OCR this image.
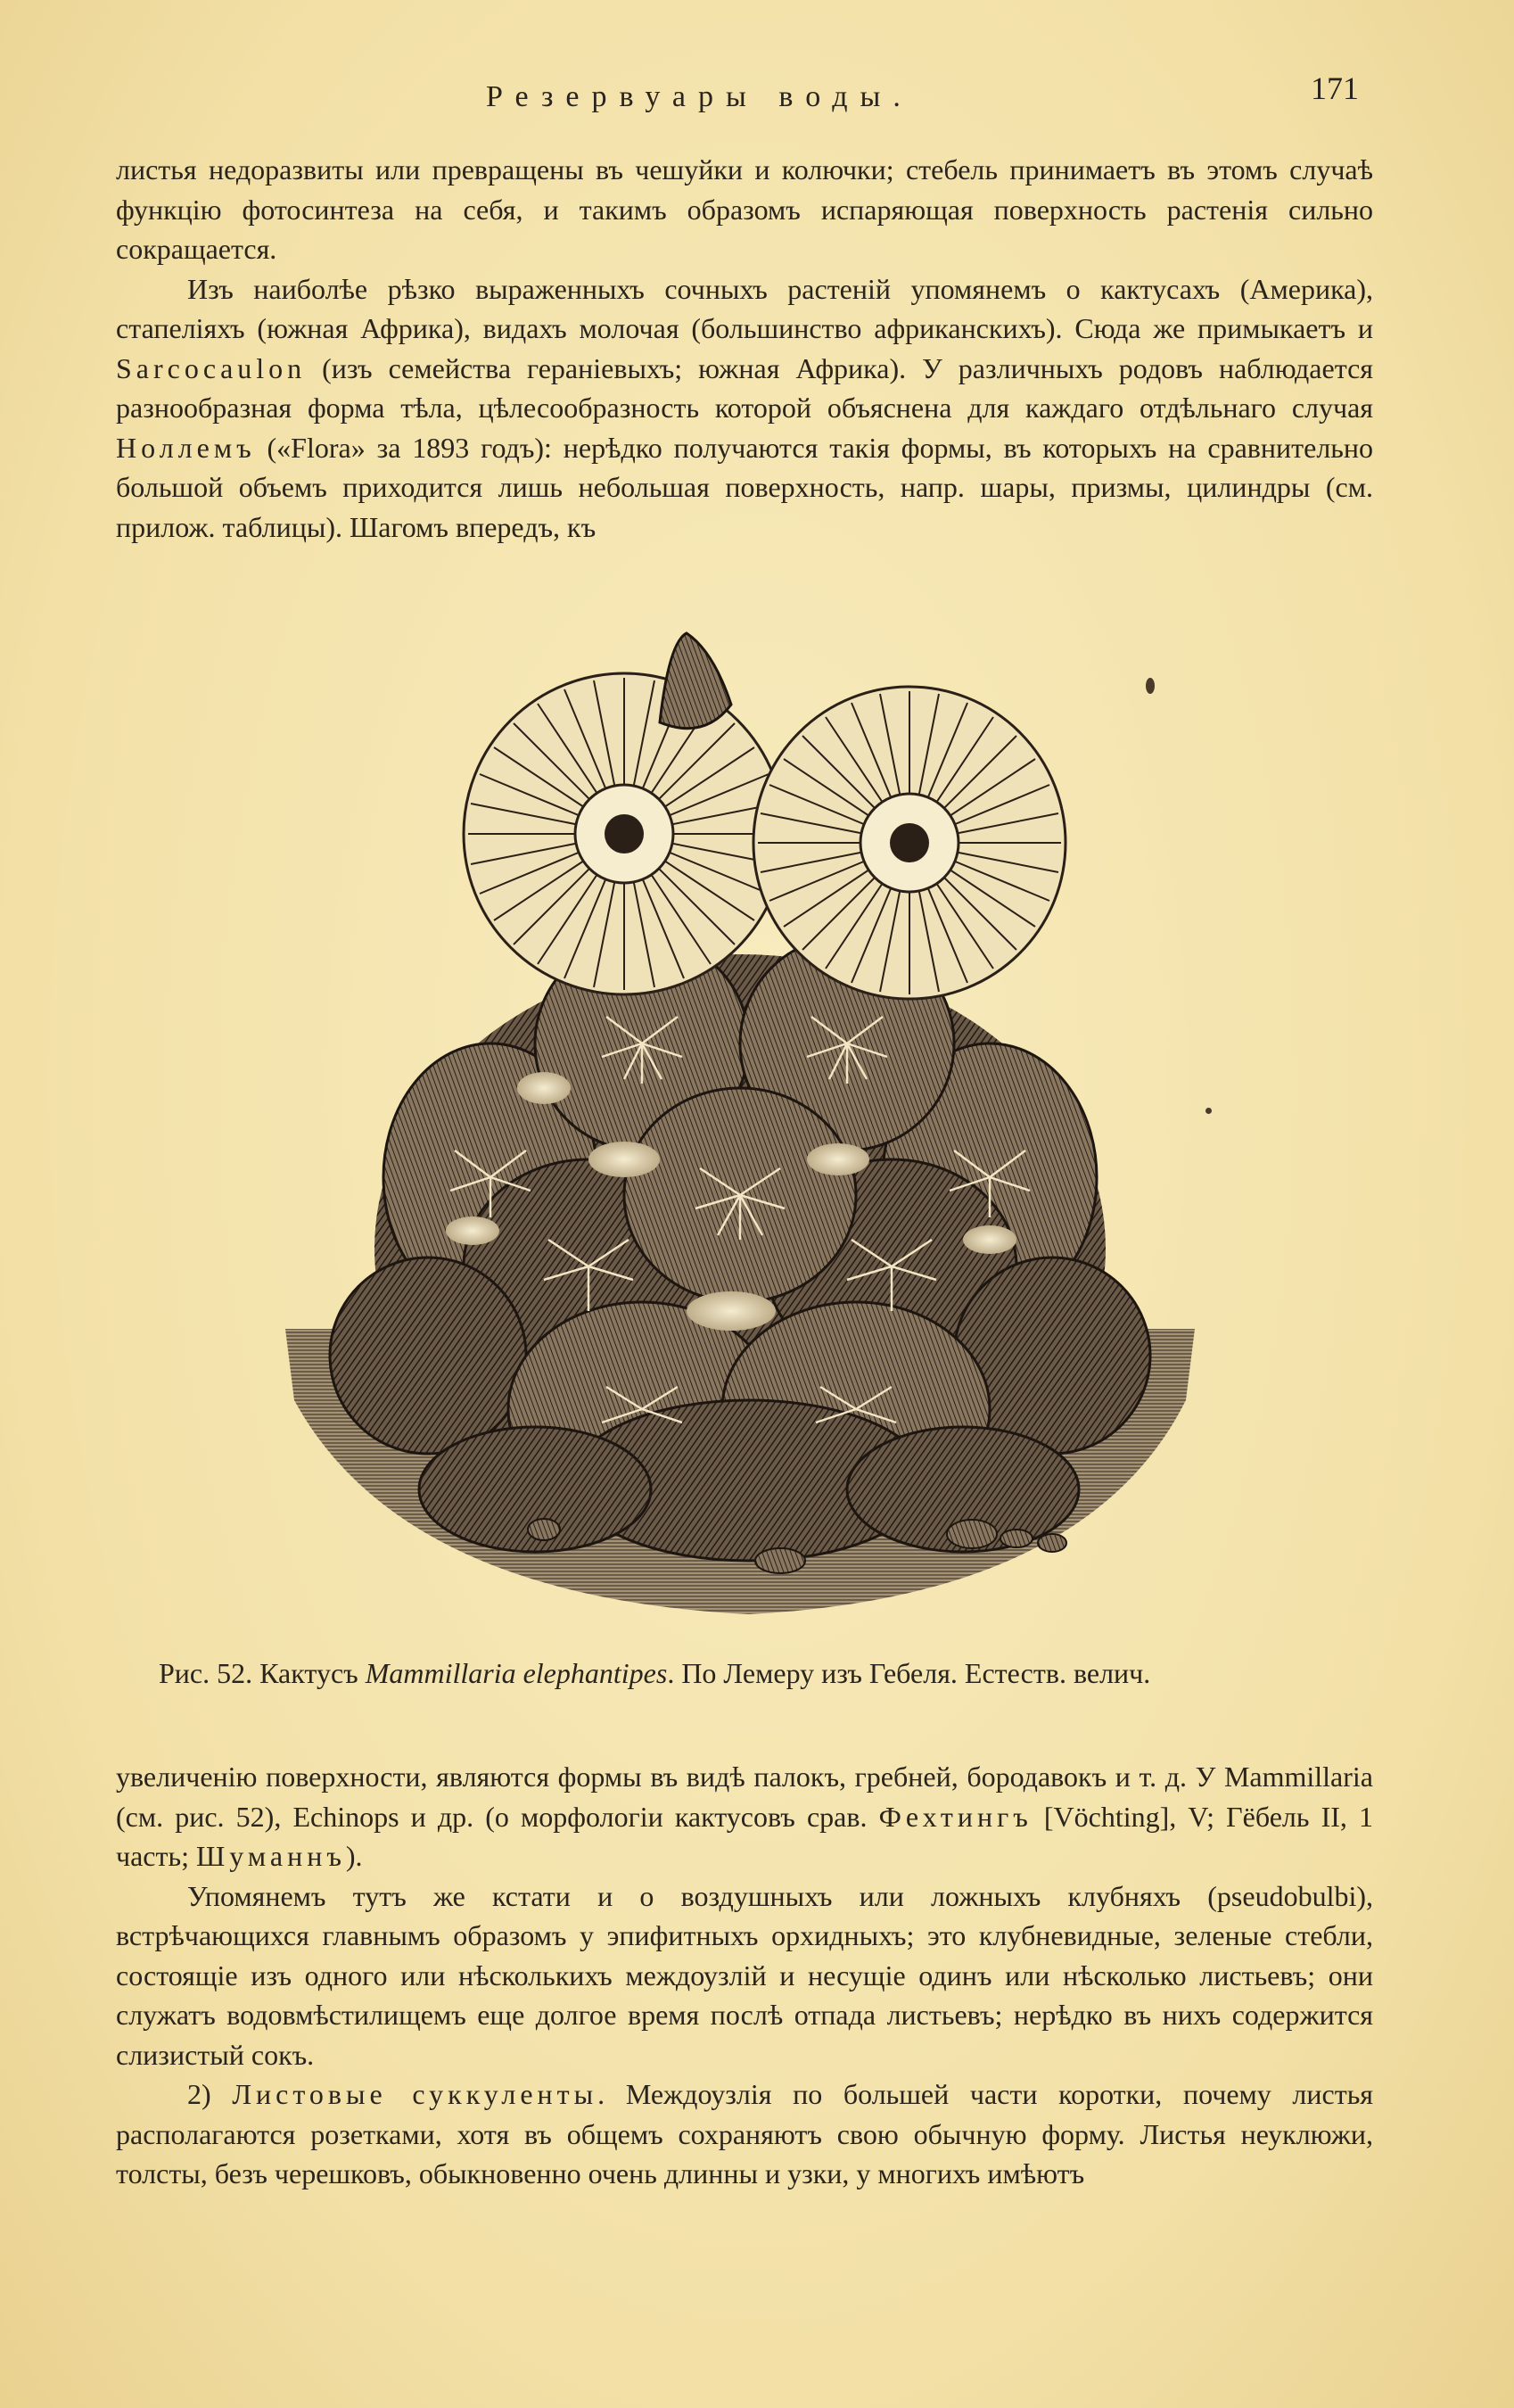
Резервуары воды.	171

листья недоразвиты или превращены въ чешуйки и колючки; стебель принимаетъ въ этомъ случаѣ функцію фотосинтеза на себя, и такимъ образомъ испаряющая поверхность растенія сильно сокращается.

Изъ наиболѣе рѣзко выраженныхъ сочныхъ растеній упомянемъ о кактусахъ (Америка), стапеліяхъ (южная Африка), видахъ молочая (большинство африканскихъ). Сюда же примыкаетъ и Sarcocaulon (изъ семейства гераніевыхъ; южная Африка). У различныхъ родовъ наблюдается разнообразная форма тѣла, цѣлесообразность которой объяснена для каждаго отдѣльнаго случая Ноллемъ («Flora» за 1893 годъ): нерѣдко получаются такія формы, въ которыхъ на сравнительно большой объемъ приходится лишь небольшая поверхность, напр. шары, призмы, цилиндры (см. прилож. таблицы). Шагомъ впередъ, къ

Рис. 52. Кактусъ Mammillaria elephantipes. По Лемеру изъ Гебеля. Естеств. велич.

увеличенію поверхности, являются формы въ видѣ палокъ, гребней, бородавокъ и т. д. У Mammillaria (см. рис. 52), Echinops и др. (о морфологіи кактусовъ срав. Фехтингъ [Vöchting], V; Гёбель II, 1 часть; Шуманнъ).

Упомянемъ тутъ же кстати и о воздушныхъ или ложныхъ клубняхъ (pseudobulbi), встрѣчающихся главнымъ образомъ у эпифитныхъ орхидныхъ; это клубневидные, зеленые стебли, состоящіе изъ одного или нѣсколькихъ междоузлій и несущіе одинъ или нѣсколько листьевъ; они служатъ водовмѣстилищемъ еще долгое время послѣ отпада листьевъ; нерѣдко въ нихъ содержится слизистый сокъ.

2) Листовые суккуленты. Междоузлія по большей части коротки, почему листья располагаются розетками, хотя въ общемъ сохраняютъ свою обычную форму. Листья неуклюжи, толсты, безъ черешковъ, обыкновенно очень длинны и узки, у многихъ имѣютъ
